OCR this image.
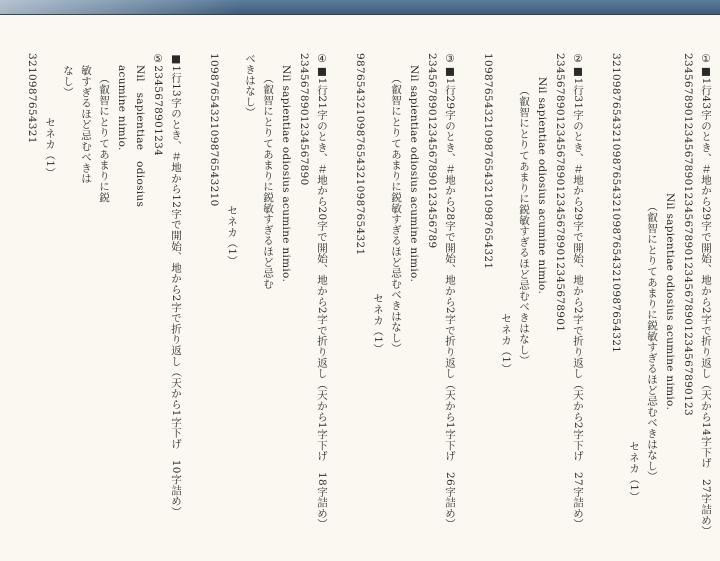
①■1行43字のとき、＃地から29字で開始、地から2字で折り返し（天から14字下げ　27字詰め）
2345678901234567890123456789012345678901234567890123
Nil sapientiae odiosius acumine nimio.
（叡智にとりてあまりに鋭敏すぎるほど忌むべきはなし）
セネカ（1）
3210987654321098765432109876543210987654321
②■1行31字のとき、＃地から29字で開始、地から2字で折り返し（天から2字下げ　27字詰め）
2345678901234567890123456789012345678901
Nil sapientiae odiosius acumine nimio.
（叡智にとりてあまりに鋭敏すぎるほど忌むべきはなし）
セネカ（1）
1098765432109876543210987654321
③■1行29字のとき、＃地から28字で開始、地から2字で折り返し（天から1字下げ　26字詰め）
2345678901234567890123456789
Nil sapientiae odiosius acumine nimio.
（叡智にとりてあまりに鋭敏すぎるほど忌むべきはなし）
セネカ（1）
98765432109876543210987654321
④■1行21字のとき、＃地から20字で開始、地から2字で折り返し（天から1字下げ　18字詰め）
2345678901234567890
Nil sapientiae odiosius acumine nimio.
（叡智にとりてあまりに鋭敏すぎるほど忌む
べきはなし）
セネカ（1）
1098765432109876543210
■1行13字のとき、＃地から12字で開始、地から2字で折り返し（天から1字下げ　10字詰め）
⑤2345678901234
Nil　sapientiae　odiosius
acumine nimio.
（叡智にとりてあまりに鋭
敏すぎるほど忌むべきは
なし）
セネカ（1）
3210987654321
